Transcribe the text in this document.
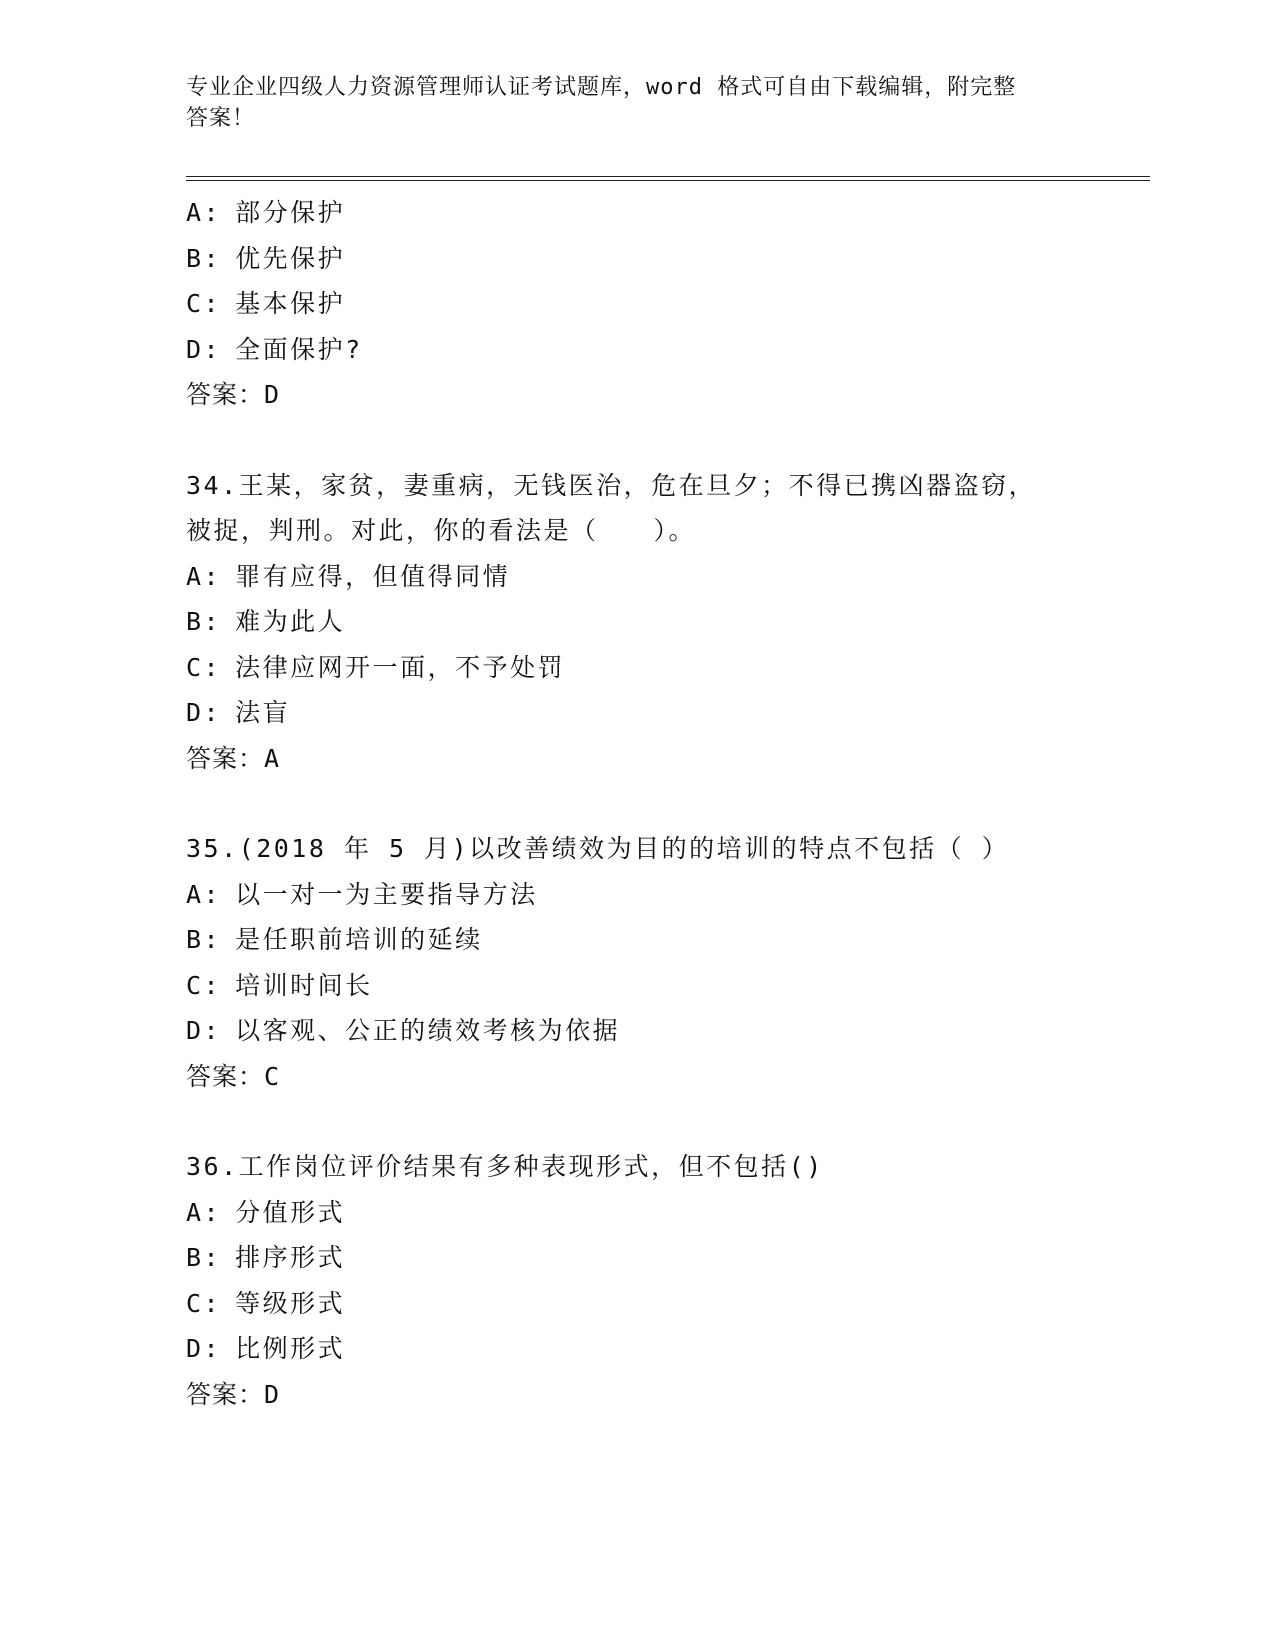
专业企业四级人力资源管理师认证考试题库，word 格式可自由下载编辑，附完整
答案！
A: 部分保护
B: 优先保护
C: 基本保护
D: 全面保护?
答案：D
34.王某，家贫，妻重病，无钱医治，危在旦夕；不得已携凶器盗窃，
被捉，判刑。对此，你的看法是（　　）。
A: 罪有应得，但值得同情
B: 难为此人
C: 法律应网开一面，不予处罚
D: 法盲
答案：A
35.(2018 年 5 月)以改善绩效为目的的培训的特点不包括（ ）
A: 以一对一为主要指导方法
B: 是任职前培训的延续
C: 培训时间长
D: 以客观、公正的绩效考核为依据
答案：C
36.工作岗位评价结果有多种表现形式，但不包括()
A: 分值形式
B: 排序形式
C: 等级形式
D: 比例形式
答案：D
